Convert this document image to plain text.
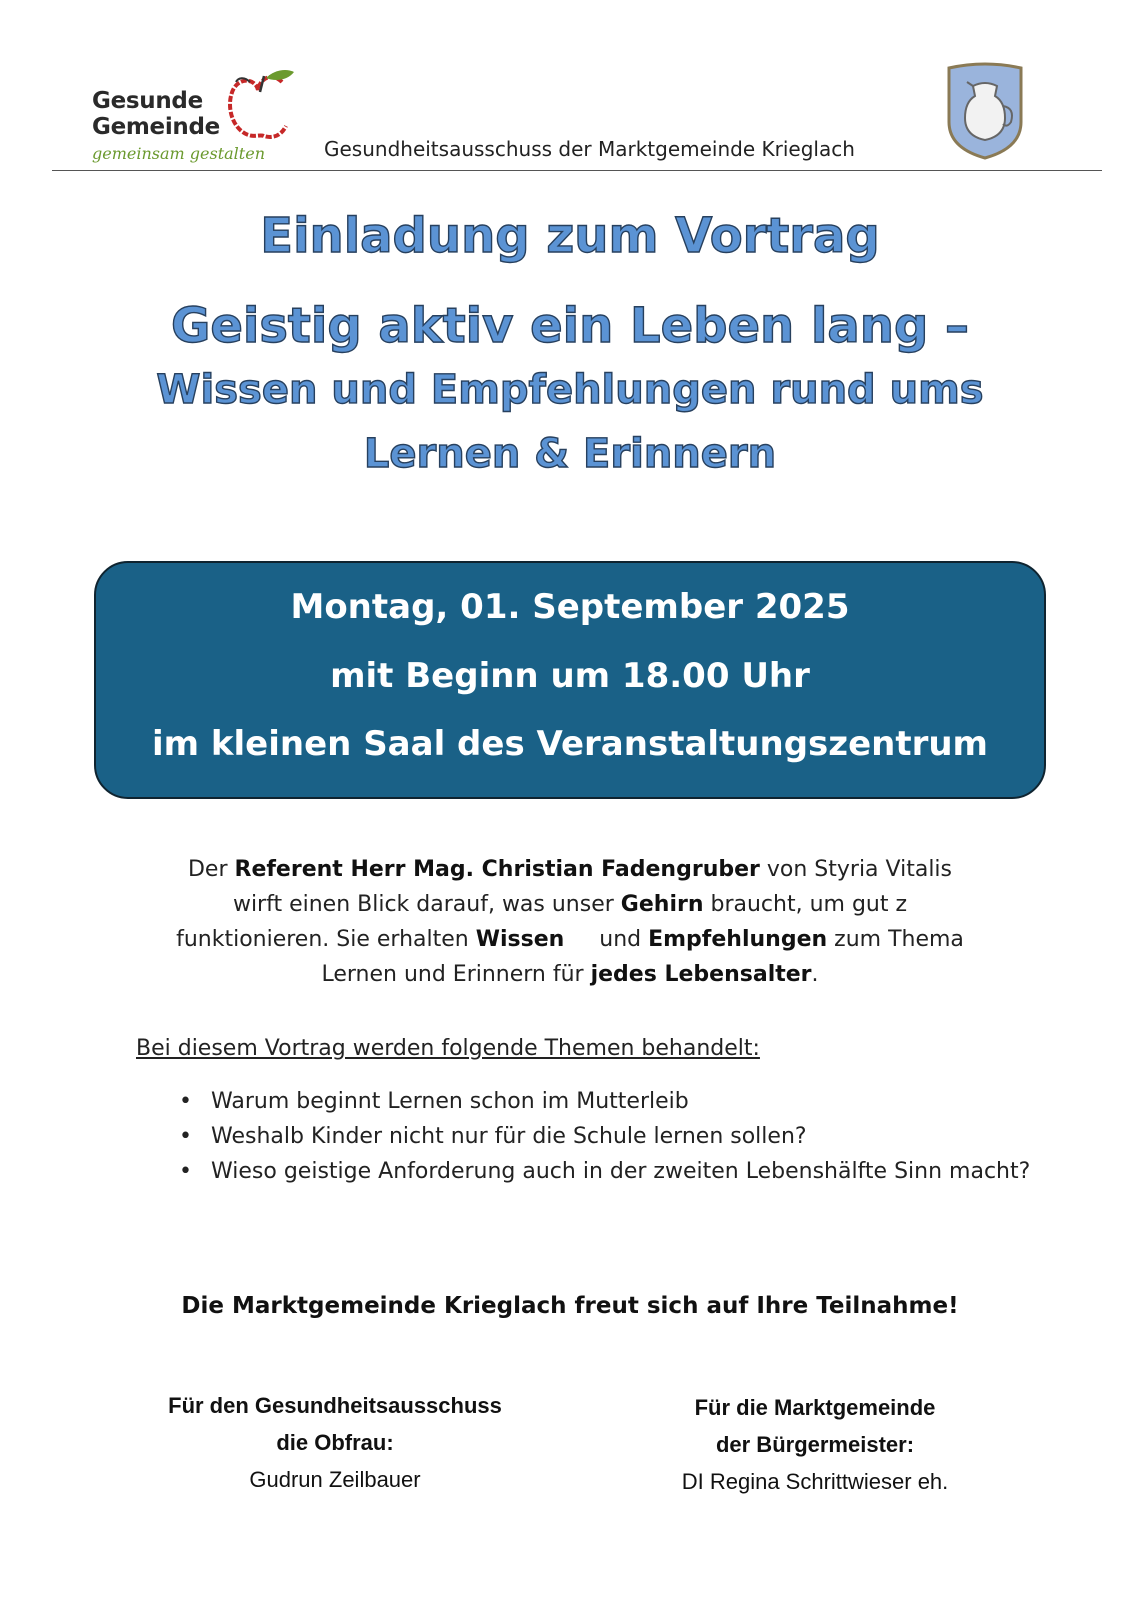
Gesunde
Gemeinde
gemeinsam gestalten	Gesundheitsausschuss der Marktgemeinde Krieglach
Einladung zum Vortrag
Geistig aktiv ein Leben lang –
Wissen und Empfehlungen rund ums
Lernen & Erinnern
Montag, 01. September 2025
mit Beginn um 18.00 Uhr
im kleinen Saal des Veranstaltungszentrum
Der Referent Herr Mag. Christian Fadengruber von Styria Vitalis wirft einen Blick darauf, was unser Gehirn braucht, um gut z funktionieren. Sie erhalten Wissen     und Empfehlungen zum Thema Lernen und Erinnern für jedes Lebensalter.
Bei diesem Vortrag werden folgende Themen behandelt:
• Warum beginnt Lernen schon im Mutterleib
• Weshalb Kinder nicht nur für die Schule lernen sollen?
• Wieso geistige Anforderung auch in der zweiten Lebenshälfte Sinn macht?
Die Marktgemeinde Krieglach freut sich auf Ihre Teilnahme!
Für den Gesundheitsausschuss
die Obfrau:
Gudrun Zeilbauer
Für die Marktgemeinde
der Bürgermeister:
DI Regina Schrittwieser eh.
